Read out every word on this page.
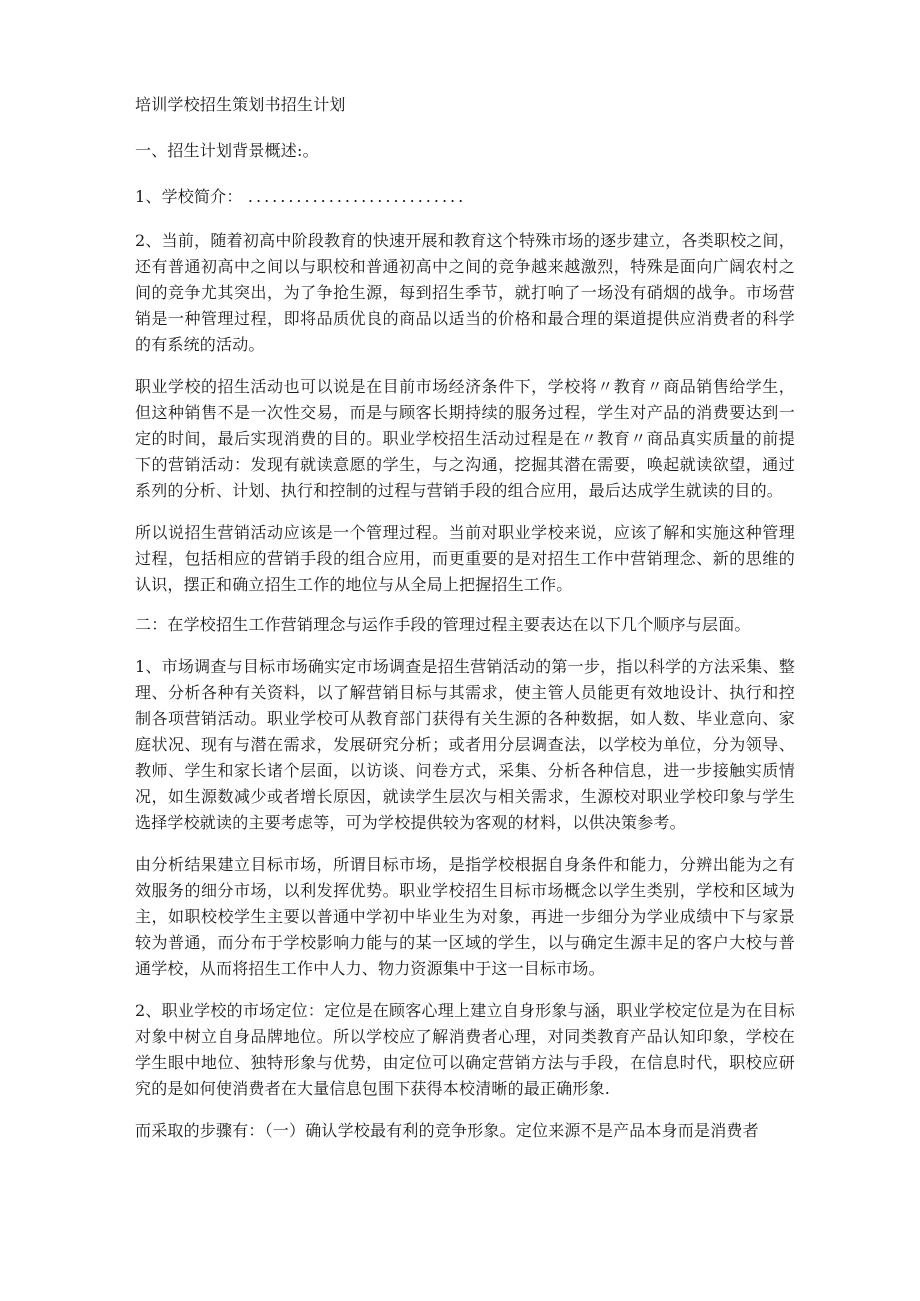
培训学校招生策划书招生计划

一、招生计划背景概述:。

1、学校简介： ...........................

2、当前，随着初高中阶段教育的快速开展和教育这个特殊市场的逐步建立，各类职校之间，还有普通初高中之间以与职校和普通初高中之间的竞争越来越激烈，特殊是面向广阔农村之间的竞争尤其突出，为了争抢生源，每到招生季节，就打响了一场没有硝烟的战争。市场营销是一种管理过程，即将品质优良的商品以适当的价格和最合理的渠道提供应消费者的科学的有系统的活动。

职业学校的招生活动也可以说是在目前市场经济条件下，学校将〃教育〃商品销售给学生，但这种销售不是一次性交易，而是与顾客长期持续的服务过程，学生对产品的消费要达到一定的时间，最后实现消费的目的。职业学校招生活动过程是在〃教育〃商品真实质量的前提下的营销活动：发现有就读意愿的学生，与之沟通，挖掘其潜在需要，唤起就读欲望，通过系列的分析、计划、执行和控制的过程与营销手段的组合应用，最后达成学生就读的目的。

所以说招生营销活动应该是一个管理过程。当前对职业学校来说，应该了解和实施这种管理过程，包括相应的营销手段的组合应用，而更重要的是对招生工作中营销理念、新的思维的认识，摆正和确立招生工作的地位与从全局上把握招生工作。

二：在学校招生工作营销理念与运作手段的管理过程主要表达在以下几个顺序与层面。

1、市场调查与目标市场确实定市场调查是招生营销活动的第一步，指以科学的方法采集、整理、分析各种有关资料，以了解营销目标与其需求，使主管人员能更有效地设计、执行和控制各项营销活动。职业学校可从教育部门获得有关生源的各种数据，如人数、毕业意向、家庭状况、现有与潜在需求，发展研究分析；或者用分层调查法，以学校为单位，分为领导、教师、学生和家长诸个层面，以访谈、问卷方式，采集、分析各种信息，进一步接触实质情况，如生源数减少或者增长原因，就读学生层次与相关需求，生源校对职业学校印象与学生选择学校就读的主要考虑等，可为学校提供较为客观的材料，以供决策参考。

由分析结果建立目标市场，所谓目标市场，是指学校根据自身条件和能力，分辨出能为之有效服务的细分市场，以利发挥优势。职业学校招生目标市场概念以学生类别，学校和区域为主，如职校校学生主要以普通中学初中毕业生为对象，再进一步细分为学业成绩中下与家景较为普通，而分布于学校影响力能与的某一区域的学生，以与确定生源丰足的客户大校与普通学校，从而将招生工作中人力、物力资源集中于这一目标市场。

2、职业学校的市场定位：定位是在顾客心理上建立自身形象与涵，职业学校定位是为在目标对象中树立自身品牌地位。所以学校应了解消费者心理，对同类教育产品认知印象，学校在学生眼中地位、独特形象与优势，由定位可以确定营销方法与手段，在信息时代，职校应研究的是如何使消费者在大量信息包围下获得本校清晰的最正确形象.

而采取的步骤有：（一）确认学校最有利的竞争形象。定位来源不是产品本身而是消费者
